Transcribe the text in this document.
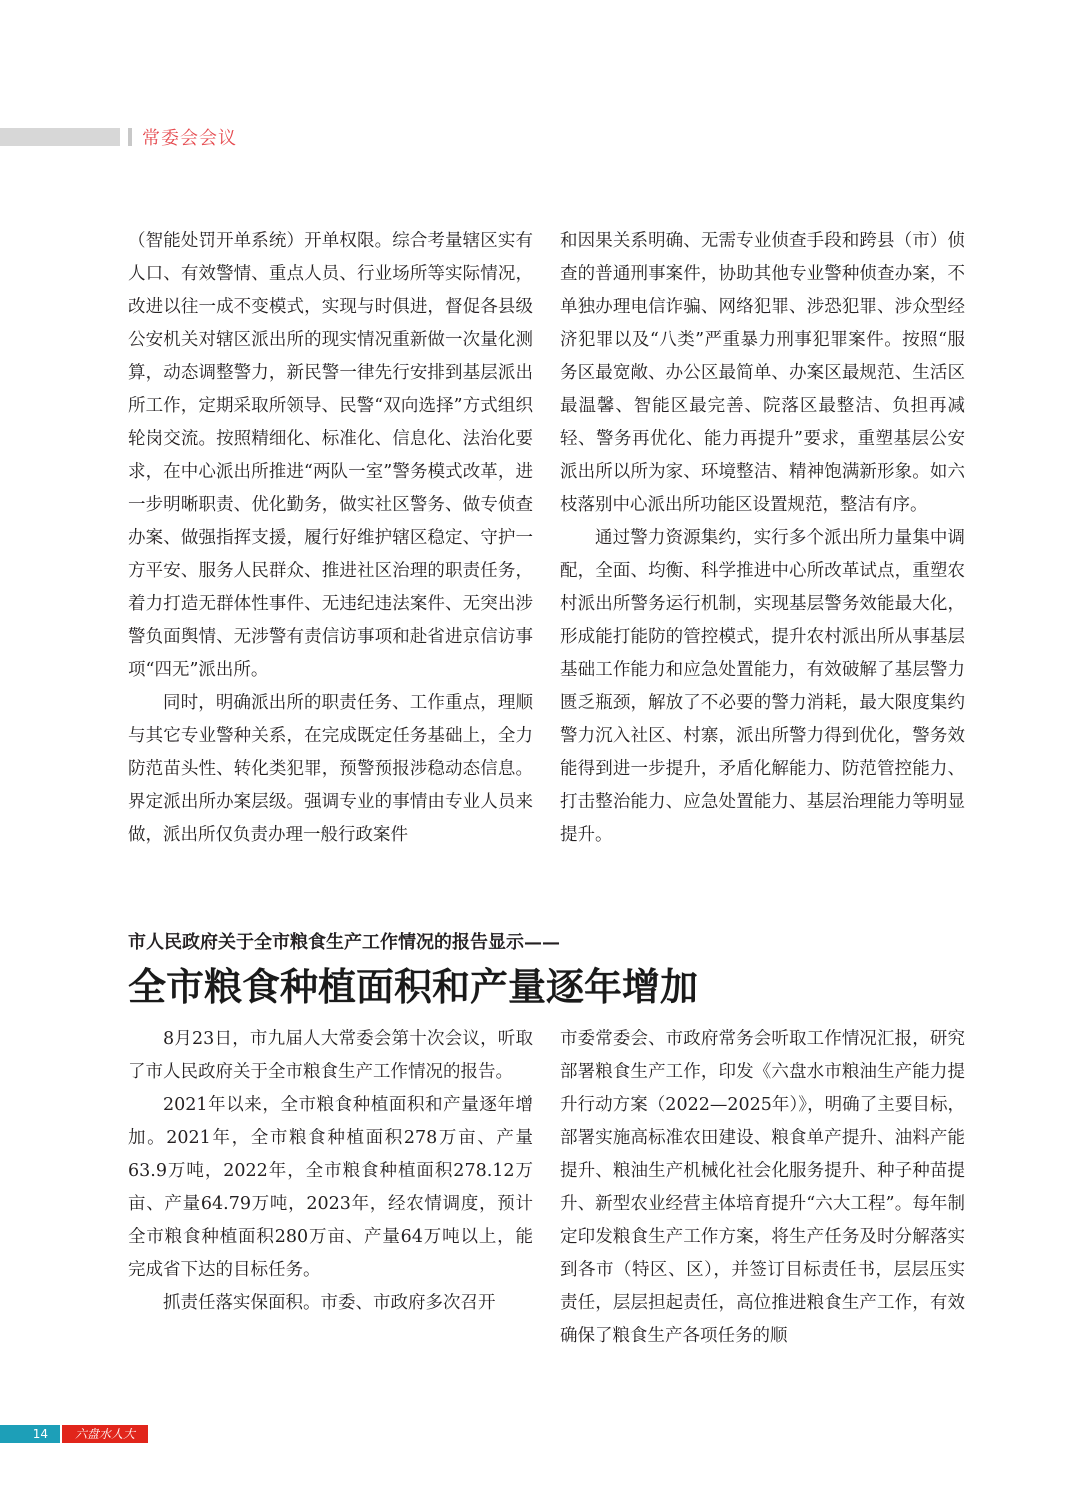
常委会会议

（智能处罚开单系统）开单权限。综合考量辖区实有人口、有效警情、重点人员、行业场所等实际情况，改进以往一成不变模式，实现与时俱进，督促各县级公安机关对辖区派出所的现实情况重新做一次量化测算，动态调整警力，新民警一律先行安排到基层派出所工作，定期采取所领导、民警“双向选择”方式组织轮岗交流。按照精细化、标准化、信息化、法治化要求，在中心派出所推进“两队一室”警务模式改革，进一步明晰职责、优化勤务，做实社区警务、做专侦查办案、做强指挥支援，履行好维护辖区稳定、守护一方平安、服务人民群众、推进社区治理的职责任务，着力打造无群体性事件、无违纪违法案件、无突出涉警负面舆情、无涉警有责信访事项和赴省进京信访事项“四无”派出所。

同时，明确派出所的职责任务、工作重点，理顺与其它专业警种关系，在完成既定任务基础上，全力防范苗头性、转化类犯罪，预警预报涉稳动态信息。界定派出所办案层级。强调专业的事情由专业人员来做，派出所仅负责办理一般行政案件

和因果关系明确、无需专业侦查手段和跨县（市）侦查的普通刑事案件，协助其他专业警种侦查办案，不单独办理电信诈骗、网络犯罪、涉恐犯罪、涉众型经济犯罪以及“八类”严重暴力刑事犯罪案件。按照“服务区最宽敞、办公区最简单、办案区最规范、生活区最温馨、智能区最完善、院落区最整洁、负担再减轻、警务再优化、能力再提升”要求，重塑基层公安派出所以所为家、环境整洁、精神饱满新形象。如六枝落别中心派出所功能区设置规范，整洁有序。

通过警力资源集约，实行多个派出所力量集中调配，全面、均衡、科学推进中心所改革试点，重塑农村派出所警务运行机制，实现基层警务效能最大化，形成能打能防的管控模式，提升农村派出所从事基层基础工作能力和应急处置能力，有效破解了基层警力匮乏瓶颈，解放了不必要的警力消耗，最大限度集约警力沉入社区、村寨，派出所警力得到优化，警务效能得到进一步提升，矛盾化解能力、防范管控能力、打击整治能力、应急处置能力、基层治理能力等明显提升。

市人民政府关于全市粮食生产工作情况的报告显示——
全市粮食种植面积和产量逐年增加

8月23日，市九届人大常委会第十次会议，听取了市人民政府关于全市粮食生产工作情况的报告。

2021年以来，全市粮食种植面积和产量逐年增加。2021年，全市粮食种植面积278万亩、产量63.9万吨，2022年，全市粮食种植面积278.12万亩、产量64.79万吨，2023年，经农情调度，预计全市粮食种植面积280万亩、产量64万吨以上，能完成省下达的目标任务。

抓责任落实保面积。市委、市政府多次召开

市委常委会、市政府常务会听取工作情况汇报，研究部署粮食生产工作，印发《六盘水市粮油生产能力提升行动方案（2022—2025年）》，明确了主要目标，部署实施高标准农田建设、粮食单产提升、油料产能提升、粮油生产机械化社会化服务提升、种子种苗提升、新型农业经营主体培育提升“六大工程”。每年制定印发粮食生产工作方案，将生产任务及时分解落实到各市（特区、区），并签订目标责任书，层层压实责任，层层担起责任，高位推进粮食生产工作，有效确保了粮食生产各项任务的顺

14	六盘水人大
